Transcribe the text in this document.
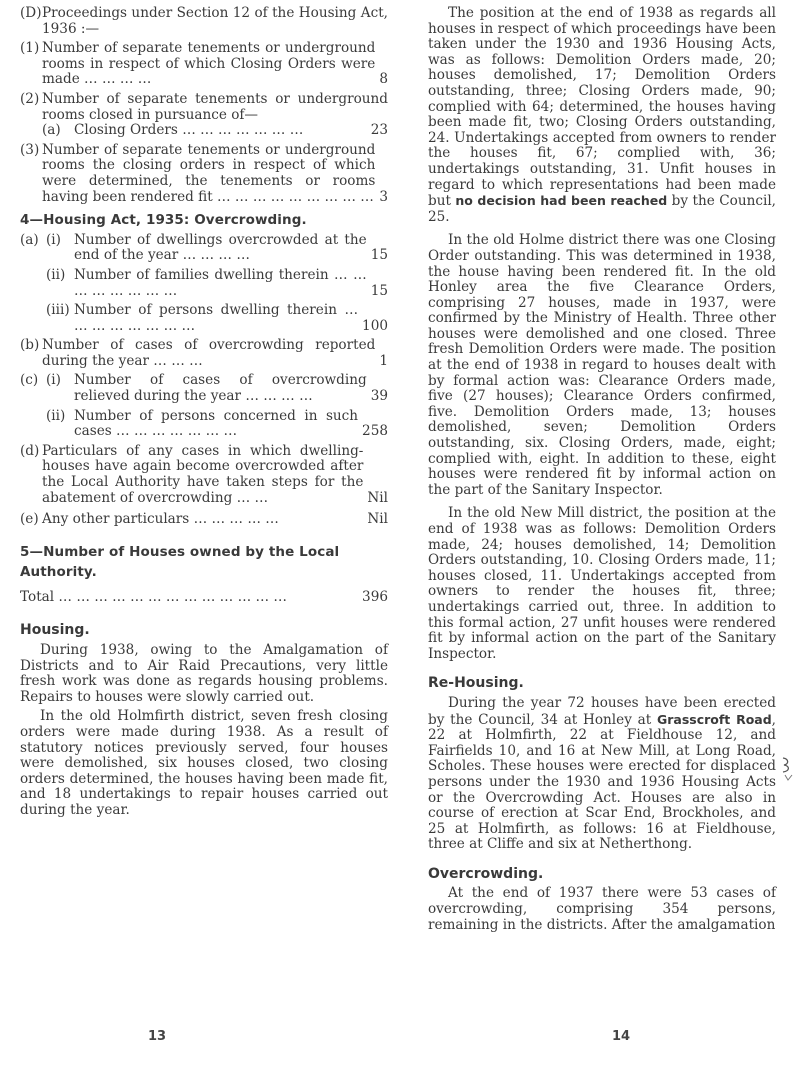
(D) Proceedings under Section 12 of the Housing Act, 1936 :—
(1) Number of separate tenements or underground rooms in respect of which Closing Orders were made … … … …	8
(2) Number of separate tenements or underground rooms closed in pursuance of—
(a) Closing Orders … … … … … … …	23
(3) Number of separate tenements or underground rooms the closing orders in respect of which were determined, the tenements or rooms having been rendered fit … … … … … … … … … 3
4—Housing Act, 1935: Overcrowding.
(a) (i) Number of dwellings overcrowded at the end of the year … … … …	15
(ii) Number of families dwelling therein … … … … … … … …	15
(iii) Number of persons dwelling therein … … … … … … … …	100
(b) Number of cases of overcrowding reported during the year … … …	1
(c) (i) Number of cases of overcrowding relieved during the year … … … …	39
(ii) Number of persons concerned in such cases … … … … … … …	258
(d) Particulars of any cases in which dwelling-houses have again become overcrowded after the Local Authority have taken steps for the abatement of overcrowding … …	Nil
(e) Any other particulars … … … … …	Nil
5—Number of Houses owned by the Local Authority.
Total … … … … … … … … … … … … …	396
Housing.

During 1938, owing to the Amalgamation of Districts and to Air Raid Precautions, very little fresh work was done as regards housing problems. Repairs to houses were slowly carried out.

In the old Holmfirth district, seven fresh closing orders were made during 1938. As a result of statutory notices previously served, four houses were demolished, six houses closed, two closing orders determined, the houses having been made fit, and 18 undertakings to repair houses carried out during the year.

13

The position at the end of 1938 as regards all houses in respect of which proceedings have been taken under the 1930 and 1936 Housing Acts, was as follows: Demolition Orders made, 20; houses demolished, 17; Demolition Orders outstanding, three; Closing Orders made, 90; complied with 64; determined, the houses having been made fit, two; Closing Orders outstanding, 24. Undertakings accepted from owners to render the houses fit, 67; complied with, 36; undertakings outstanding, 31. Unfit houses in regard to which representations had been made but no decision had been reached by the Council, 25.

In the old Holme district there was one Closing Order outstanding. This was determined in 1938, the house having been rendered fit. In the old Honley area the five Clearance Orders, comprising 27 houses, made in 1937, were confirmed by the Ministry of Health. Three other houses were demolished and one closed. Three fresh Demolition Orders were made. The position at the end of 1938 in regard to houses dealt with by formal action was: Clearance Orders made, five (27 houses); Clearance Orders confirmed, five. Demolition Orders made, 13; houses demolished, seven; Demolition Orders outstanding, six. Closing Orders, made, eight; complied with, eight. In addition to these, eight houses were rendered fit by informal action on the part of the Sanitary Inspector.

In the old New Mill district, the position at the end of 1938 was as follows: Demolition Orders made, 24; houses demolished, 14; Demolition Orders outstanding, 10. Closing Orders made, 11; houses closed, 11. Undertakings accepted from owners to render the houses fit, three; undertakings carried out, three. In addition to this formal action, 27 unfit houses were rendered fit by informal action on the part of the Sanitary Inspector.

Re-Housing.

During the year 72 houses have been erected by the Council, 34 at Honley at Grasscroft Road, 22 at Holmfirth, 22 at Fieldhouse 12, and Fairfields 10, and 16 at New Mill, at Long Road, Scholes. These houses were erected for displaced persons under the 1930 and 1936 Housing Acts or the Overcrowding Act. Houses are also in course of erection at Scar End, Brockholes, and 25 at Holmfirth, as follows: 16 at Fieldhouse, three at Cliffe and six at Netherthong.

Overcrowding.

At the end of 1937 there were 53 cases of overcrowding, comprising 354 persons, remaining in the districts. After the amalgamation

14
